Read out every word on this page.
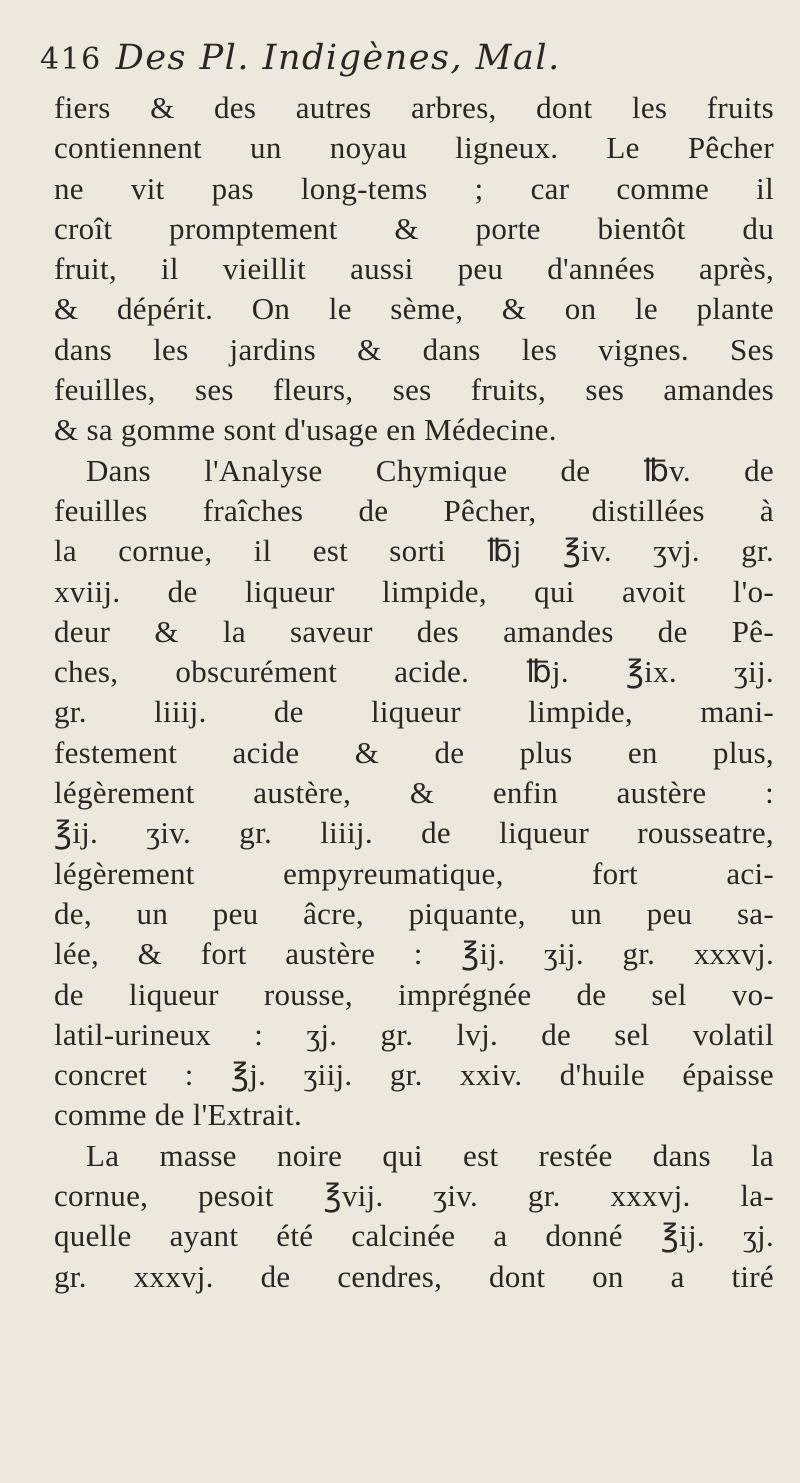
416 Des Pl. Indigènes, Mal.
fiers & des autres arbres, dont les fruits
contiennent un noyau ligneux. Le Pêcher
ne vit pas long-tems ; car comme il
croît promptement & porte bientôt du
fruit, il vieillit aussi peu d'années après,
& dépérit. On le sème, & on le plante
dans les jardins & dans les vignes. Ses
feuilles, ses fleurs, ses fruits, ses amandes
& sa gomme sont d'usage en Médecine.
Dans l'Analyse Chymique de ℔v. de
feuilles fraîches de Pêcher, distillées à
la cornue, il est sorti ℔j ℥iv. ʒvj. gr.
xviij. de liqueur limpide, qui avoit l'o-
deur & la saveur des amandes de Pê-
ches, obscurément acide. ℔j. ℥ix. ʒij.
gr. liiij. de liqueur limpide, mani-
festement acide & de plus en plus,
légèrement austère, & enfin austère :
℥ij. ʒiv. gr. liiij. de liqueur rousseatre,
légèrement empyreumatique, fort aci-
de, un peu âcre, piquante, un peu sa-
lée, & fort austère : ℥ij. ʒij. gr. xxxvj.
de liqueur rousse, imprégnée de sel vo-
latil-urineux : ʒj. gr. lvj. de sel volatil
concret : ℥j. ʒiij. gr. xxiv. d'huile épaisse
comme de l'Extrait.
La masse noire qui est restée dans la
cornue, pesoit ℥vij. ʒiv. gr. xxxvj. la-
quelle ayant été calcinée a donné ℥ij. ʒj.
gr. xxxvj. de cendres, dont on a tiré
